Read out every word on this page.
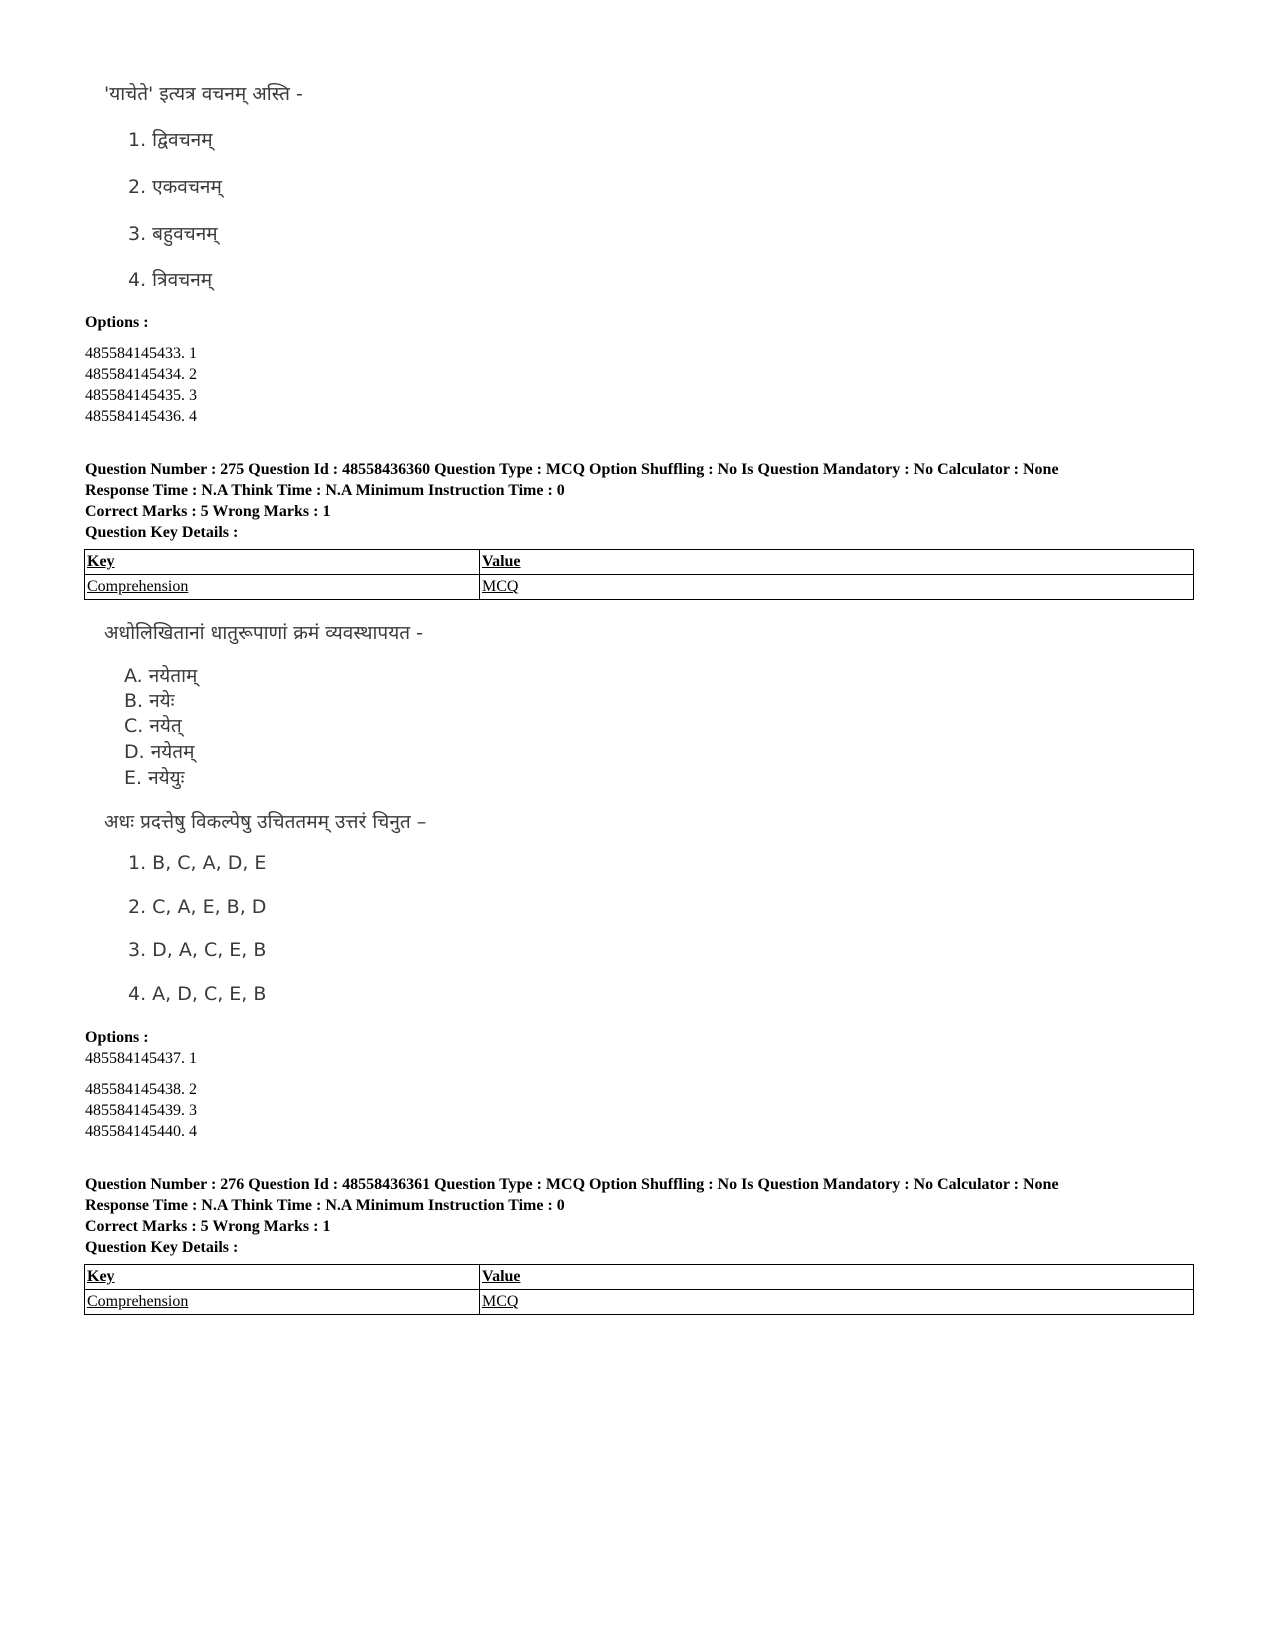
'याचेते' इत्यत्र वचनम् अस्ति -
1. द्विवचनम्
2. एकवचनम्
3. बहुवचनम्
4. त्रिवचनम्
Options :
485584145433. 1
485584145434. 2
485584145435. 3
485584145436. 4
Question Number : 275 Question Id : 48558436360 Question Type : MCQ Option Shuffling : No Is Question Mandatory : No Calculator : None
Response Time : N.A Think Time : N.A Minimum Instruction Time : 0
Correct Marks : 5 Wrong Marks : 1
Question Key Details :
Key	Value
Comprehension	MCQ
अधोलिखितानां धातुरूपाणां क्रमं व्यवस्थापयत -
A. नयेताम्
B. नयेः
C. नयेत्
D. नयेतम्
E. नयेयुः
अधः प्रदत्तेषु विकल्पेषु उचिततमम् उत्तरं चिनुत –
1. B, C, A, D, E
2. C, A, E, B, D
3. D, A, C, E, B
4. A, D, C, E, B
Options :
485584145437. 1
485584145438. 2
485584145439. 3
485584145440. 4
Question Number : 276 Question Id : 48558436361 Question Type : MCQ Option Shuffling : No Is Question Mandatory : No Calculator : None
Response Time : N.A Think Time : N.A Minimum Instruction Time : 0
Correct Marks : 5 Wrong Marks : 1
Question Key Details :
Key	Value
Comprehension	MCQ
